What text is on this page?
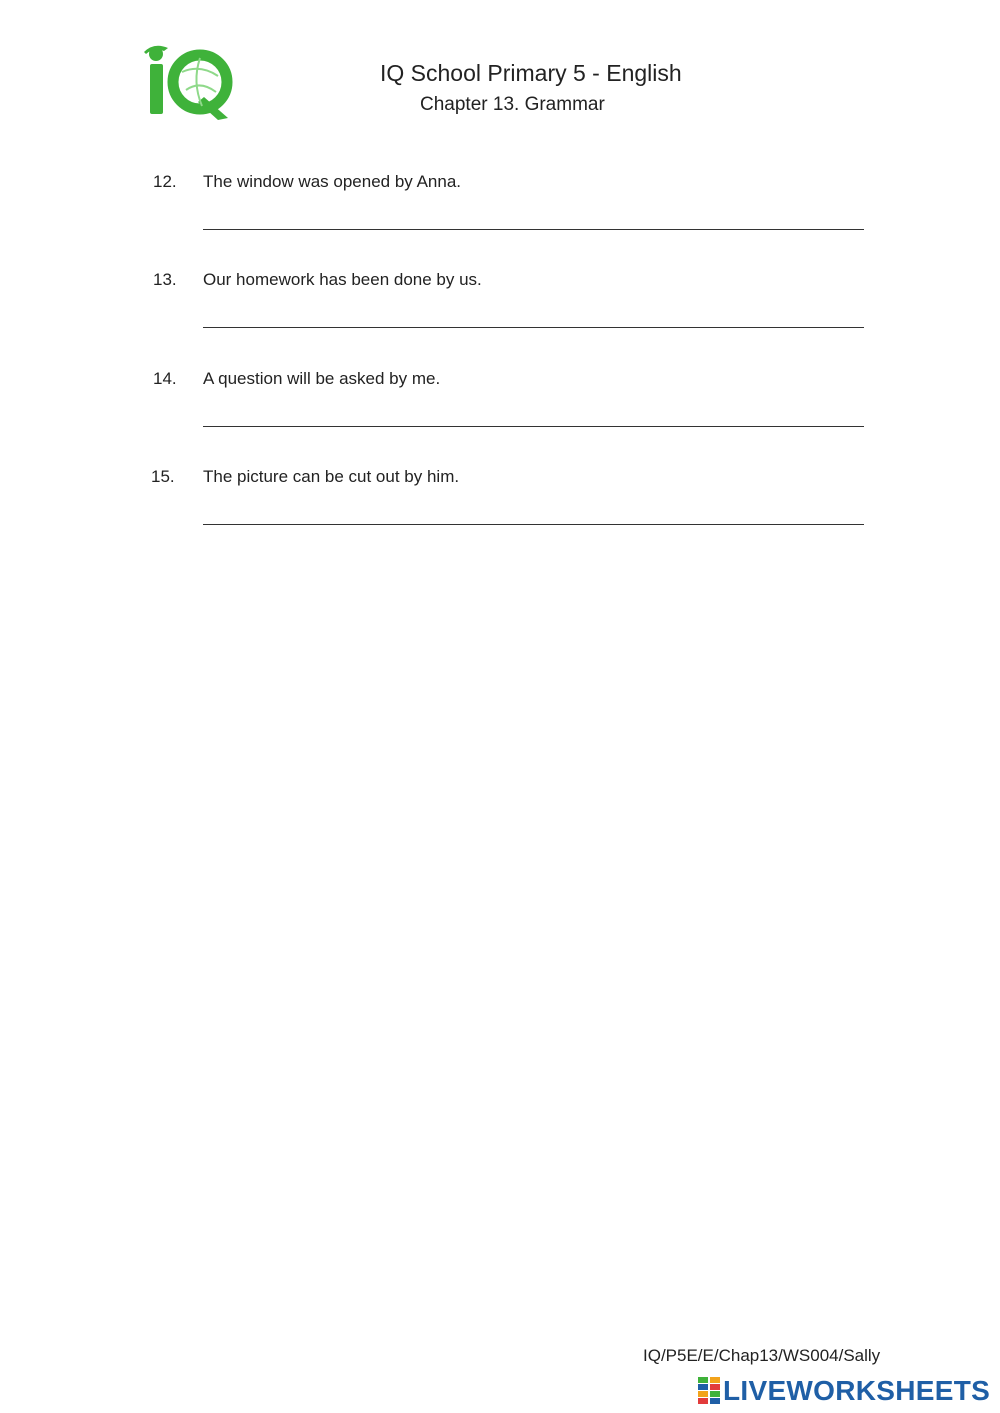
IQ School Primary 5 - English
Chapter 13. Grammar
12. The window was opened by Anna.
13. Our homework has been done by us.
14. A question will be asked by me.
15. The picture can be cut out by him.
IQ/P5E/E/Chap13/WS004/Sally
LIVEWORKSHEETS
